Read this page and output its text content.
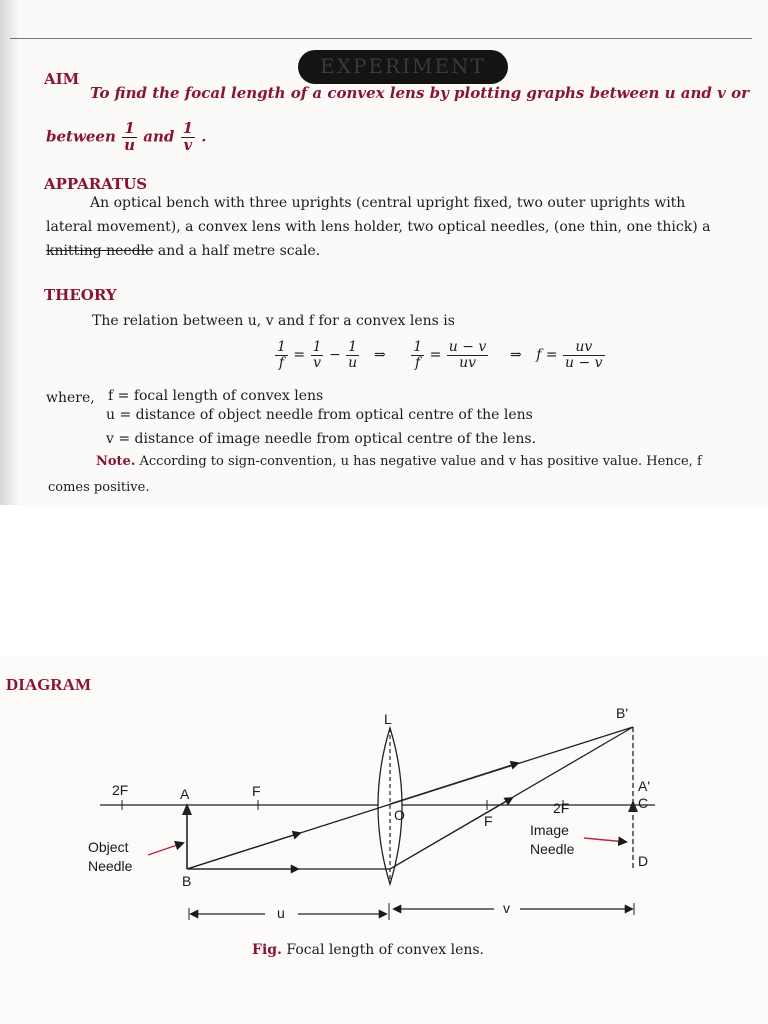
EXPERIMENT
AIM
To find the focal length of a convex lens by plotting graphs between u and v or
between $\frac{1}{u}$ and $\frac{1}{v}$ .
APPARATUS
An optical bench with three uprights (central upright fixed, two outer uprights with
lateral movement), a convex lens with lens holder, two optical needles, (one thin, one thick) a
knitting needle and a half metre scale.
THEORY
The relation between u, v and f for a convex lens is
$\frac{1}{f} = \frac{1}{v} - \frac{1}{u}$ ⇒ $\frac{1}{f} = \frac{u - v}{uv}$ ⇒ $f = \frac{uv}{u - v}$
where, f = focal length of convex lens
u = distance of object needle from optical centre of the lens
v = distance of image needle from optical centre of the lens.
Note. According to sign-convention, u has negative value and v has positive value. Hence, f
comes positive.
DIAGRAM
L	B'
2F	A	F
O	F
2F
A'
C
B
D
Object
Needle
Image
Needle
u	v
Fig. Focal length of convex lens.
